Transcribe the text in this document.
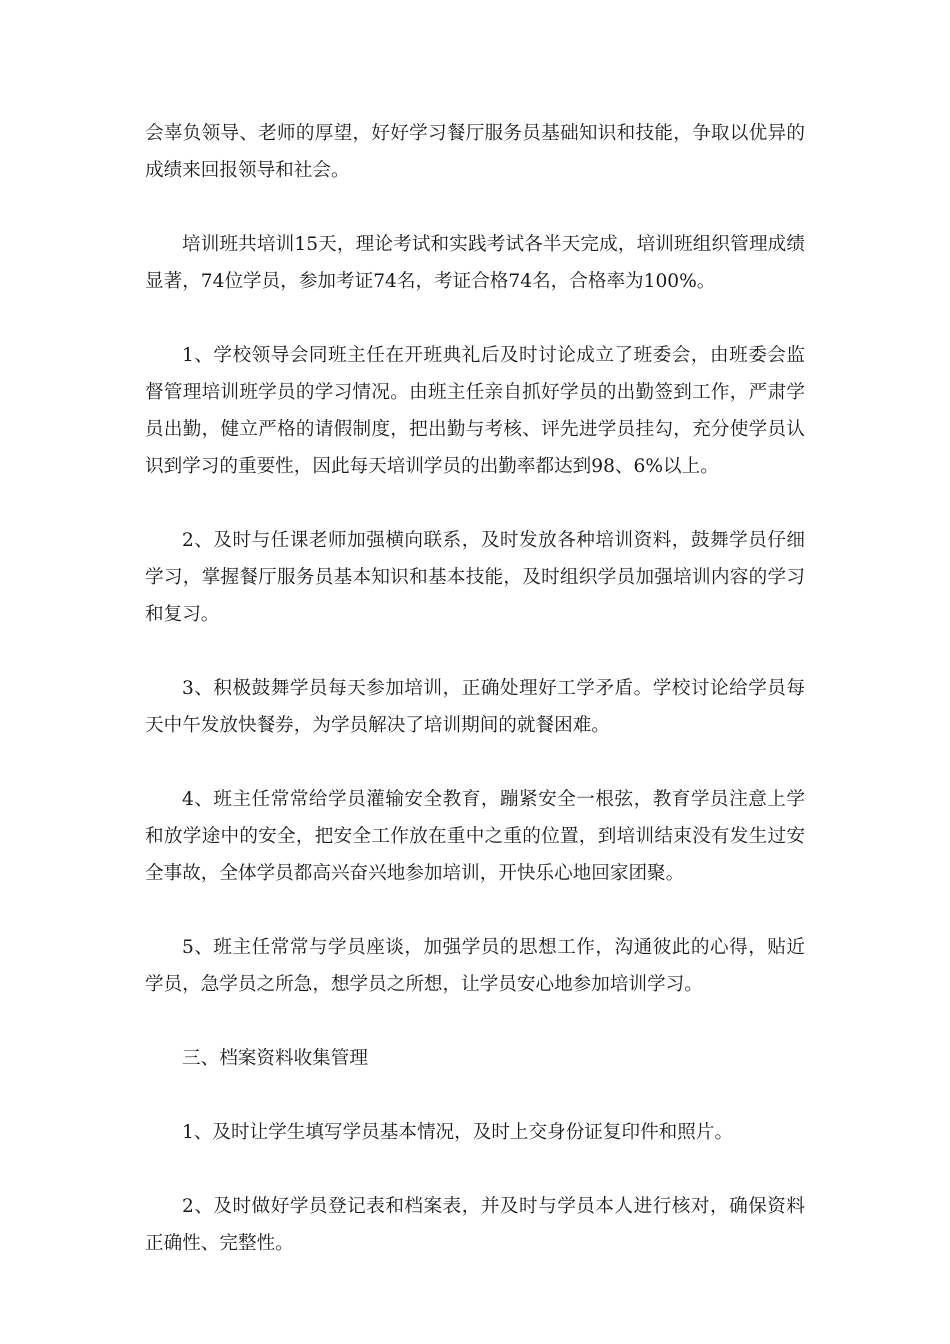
会辜负领导、老师的厚望，好好学习餐厅服务员基础知识和技能，争取以优异的成绩来回报领导和社会。

培训班共培训15天，理论考试和实践考试各半天完成，培训班组织管理成绩显著，74位学员，参加考证74名，考证合格74名，合格率为100%。

1、学校领导会同班主任在开班典礼后及时讨论成立了班委会，由班委会监督管理培训班学员的学习情况。由班主任亲自抓好学员的出勤签到工作，严肃学员出勤，健立严格的请假制度，把出勤与考核、评先进学员挂勾，充分使学员认识到学习的重要性，因此每天培训学员的出勤率都达到98、6%以上。

2、及时与任课老师加强横向联系，及时发放各种培训资料，鼓舞学员仔细学习，掌握餐厅服务员基本知识和基本技能，及时组织学员加强培训内容的学习和复习。

3、积极鼓舞学员每天参加培训，正确处理好工学矛盾。学校讨论给学员每天中午发放快餐券，为学员解决了培训期间的就餐困难。

4、班主任常常给学员灌输安全教育，蹦紧安全一根弦，教育学员注意上学和放学途中的安全，把安全工作放在重中之重的位置，到培训结束没有发生过安全事故，全体学员都高兴奋兴地参加培训，开快乐心地回家团聚。

5、班主任常常与学员座谈，加强学员的思想工作，沟通彼此的心得，贴近学员，急学员之所急，想学员之所想，让学员安心地参加培训学习。

三、档案资料收集管理

1、及时让学生填写学员基本情况，及时上交身份证复印件和照片。

2、及时做好学员登记表和档案表，并及时与学员本人进行核对，确保资料正确性、完整性。
